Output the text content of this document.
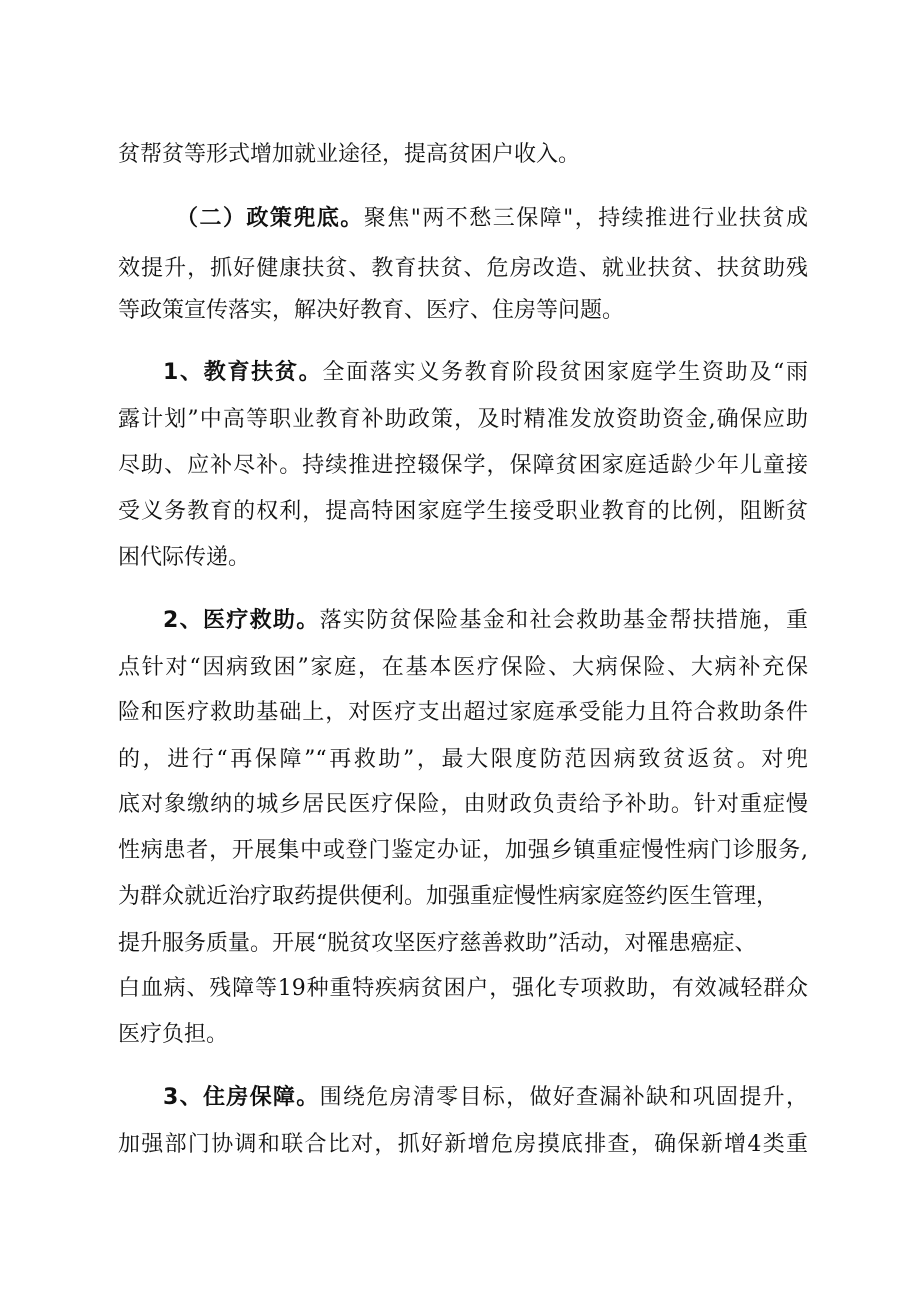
贫帮贫等形式增加就业途径，提高贫困户收入。
（二）政策兜底。聚焦"两不愁三保障"，持续推进行业扶贫成
效提升，抓好健康扶贫、教育扶贫、危房改造、就业扶贫、扶贫助残
等政策宣传落实，解决好教育、医疗、住房等问题。
1、教育扶贫。全面落实义务教育阶段贫困家庭学生资助及“雨
露计划”中高等职业教育补助政策，及时精准发放资助资金,确保应助
尽助、应补尽补。持续推进控辍保学，保障贫困家庭适龄少年儿童接
受义务教育的权利，提高特困家庭学生接受职业教育的比例，阻断贫
困代际传递。
2、医疗救助。落实防贫保险基金和社会救助基金帮扶措施，重
点针对“因病致困”家庭，在基本医疗保险、大病保险、大病补充保
险和医疗救助基础上，对医疗支出超过家庭承受能力且符合救助条件
的，进行“再保障”“再救助”，最大限度防范因病致贫返贫。对兜
底对象缴纳的城乡居民医疗保险，由财政负责给予补助。针对重症慢
性病患者，开展集中或登门鉴定办证，加强乡镇重症慢性病门诊服务,
为群众就近治疗取药提供便利。加强重症慢性病家庭签约医生管理，
提升服务质量。开展“脱贫攻坚医疗慈善救助”活动，对罹患癌症、
白血病、残障等19种重特疾病贫困户，强化专项救助，有效减轻群众
医疗负担。
3、住房保障。围绕危房清零目标，做好查漏补缺和巩固提升，
加强部门协调和联合比对，抓好新增危房摸底排查，确保新增4类重
